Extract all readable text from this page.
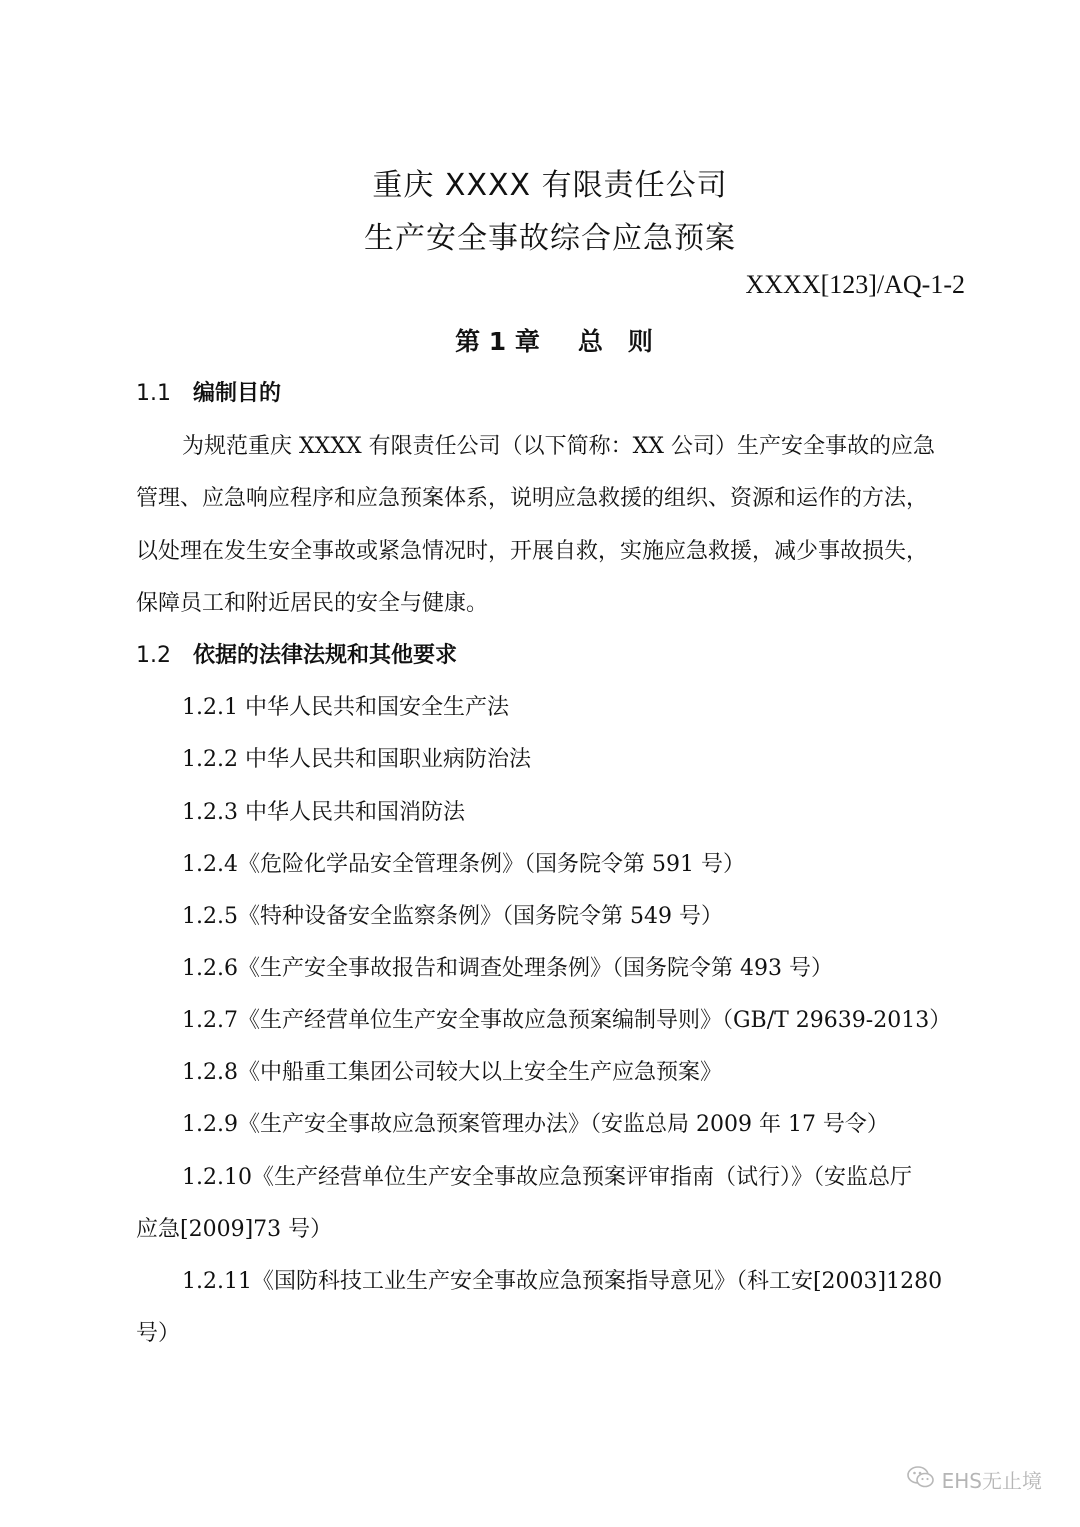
重庆 XXXX 有限责任公司
生产安全事故综合应急预案
XXXX[123]/AQ-1-2
第 1 章 总　则
1.1 编制目的
为规范重庆 XXXX 有限责任公司（以下简称：XX 公司）生产安全事故的应急
管理、应急响应程序和应急预案体系，说明应急救援的组织、资源和运作的方法，
以处理在发生安全事故或紧急情况时，开展自救，实施应急救援，减少事故损失，
保障员工和附近居民的安全与健康。
1.2 依据的法律法规和其他要求
1.2.1 中华人民共和国安全生产法
1.2.2 中华人民共和国职业病防治法
1.2.3 中华人民共和国消防法
1.2.4《危险化学品安全管理条例》（国务院令第 591 号）
1.2.5《特种设备安全监察条例》（国务院令第 549 号）
1.2.6《生产安全事故报告和调查处理条例》（国务院令第 493 号）
1.2.7《生产经营单位生产安全事故应急预案编制导则》（GB/T 29639-2013）
1.2.8《中船重工集团公司较大以上安全生产应急预案》
1.2.9《生产安全事故应急预案管理办法》（安监总局 2009 年 17 号令）
1.2.10《生产经营单位生产安全事故应急预案评审指南（试行）》（安监总厅
应急[2009]73 号）
1.2.11《国防科技工业生产安全事故应急预案指导意见》（科工安[2003]1280
号）
EHS无止境
